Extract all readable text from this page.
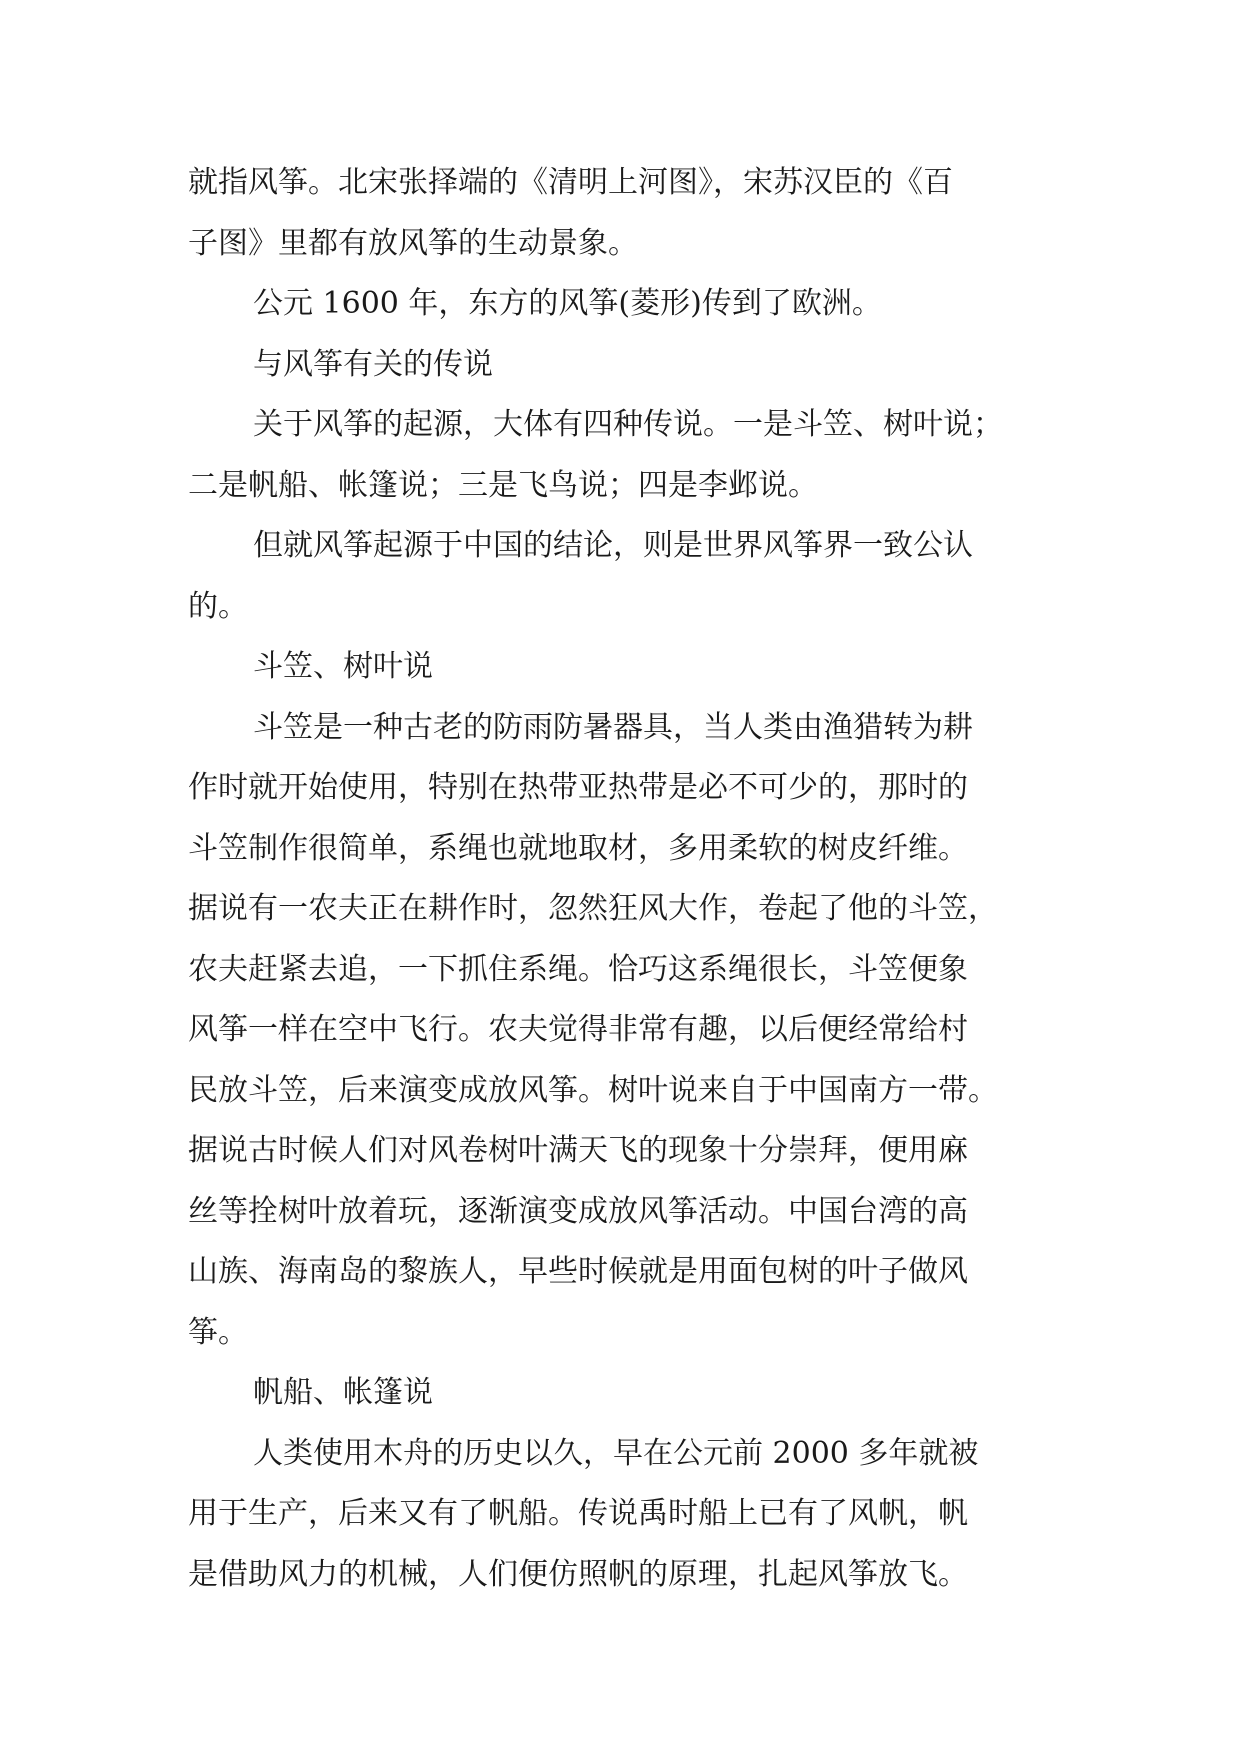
就指风筝。北宋张择端的《清明上河图》，宋苏汉臣的《百
子图》里都有放风筝的生动景象。
公元 1600 年，东方的风筝(菱形)传到了欧洲。
与风筝有关的传说
关于风筝的起源，大体有四种传说。一是斗笠、树叶说；
二是帆船、帐篷说；三是飞鸟说；四是李邺说。
但就风筝起源于中国的结论，则是世界风筝界一致公认
的。
斗笠、树叶说
斗笠是一种古老的防雨防暑器具，当人类由渔猎转为耕
作时就开始使用，特别在热带亚热带是必不可少的，那时的
斗笠制作很简单，系绳也就地取材，多用柔软的树皮纤维。
据说有一农夫正在耕作时，忽然狂风大作，卷起了他的斗笠，
农夫赶紧去追，一下抓住系绳。恰巧这系绳很长，斗笠便象
风筝一样在空中飞行。农夫觉得非常有趣，以后便经常给村
民放斗笠，后来演变成放风筝。树叶说来自于中国南方一带。
据说古时候人们对风卷树叶满天飞的现象十分崇拜，便用麻
丝等拴树叶放着玩，逐渐演变成放风筝活动。中国台湾的高
山族、海南岛的黎族人，早些时候就是用面包树的叶子做风
筝。
帆船、帐篷说
人类使用木舟的历史以久，早在公元前 2000 多年就被
用于生产，后来又有了帆船。传说禹时船上已有了风帆，帆
是借助风力的机械，人们便仿照帆的原理，扎起风筝放飞。
